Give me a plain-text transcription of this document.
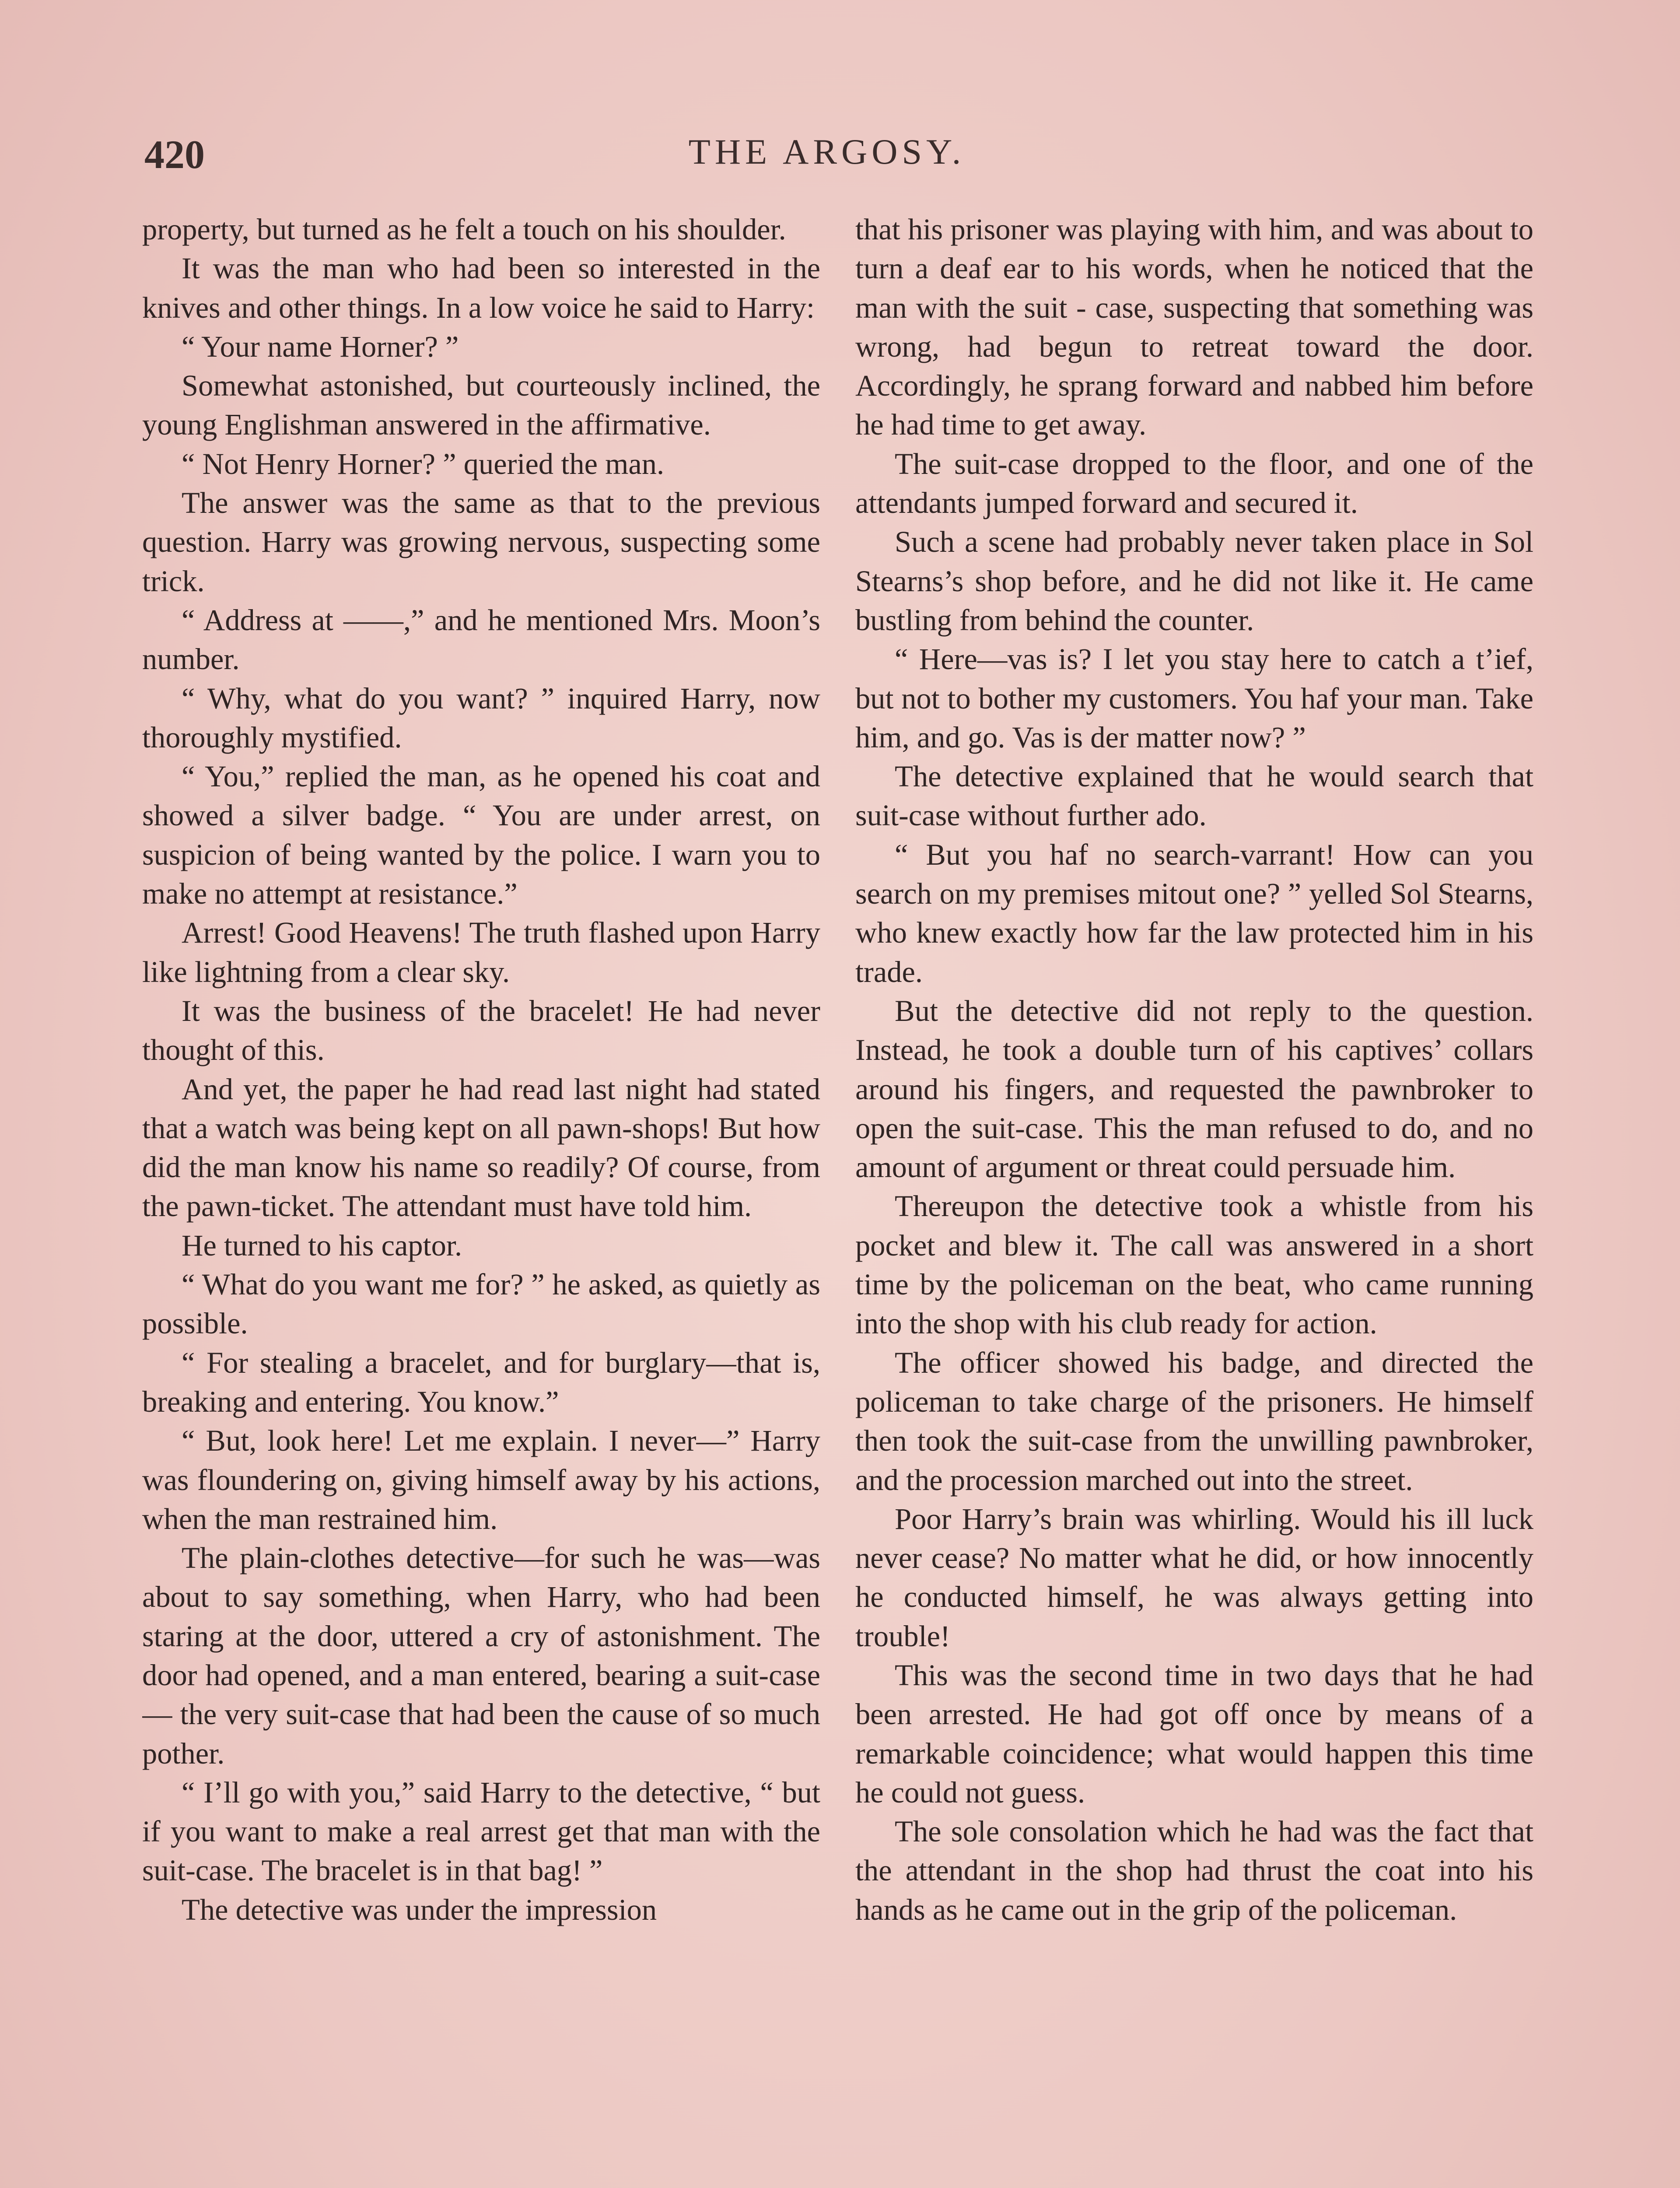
420	THE ARGOSY.

property, but turned as he felt a touch on his shoulder.

It was the man who had been so interested in the knives and other things. In a low voice he said to Harry:

“ Your name Horner? ”

Somewhat astonished, but courteously inclined, the young Englishman answered in the affirmative.

“ Not Henry Horner? ” queried the man.

The answer was the same as that to the previous question. Harry was growing nervous, suspecting some trick.

“ Address at ——,” and he mentioned Mrs. Moon’s number.

“ Why, what do you want? ” inquired Harry, now thoroughly mystified.

“ You,” replied the man, as he opened his coat and showed a silver badge. “ You are under arrest, on suspicion of being wanted by the police. I warn you to make no attempt at resistance.”

Arrest! Good Heavens! The truth flashed upon Harry like lightning from a clear sky.

It was the business of the bracelet! He had never thought of this.

And yet, the paper he had read last night had stated that a watch was being kept on all pawn-shops! But how did the man know his name so readily? Of course, from the pawn-ticket. The attendant must have told him.

He turned to his captor.

“ What do you want me for? ” he asked, as quietly as possible.

“ For stealing a bracelet, and for burglary—that is, breaking and entering. You know.”

“ But, look here! Let me explain. I never—” Harry was floundering on, giving himself away by his actions, when the man restrained him.

The plain-clothes detective—for such he was—was about to say something, when Harry, who had been staring at the door, uttered a cry of astonishment. The door had opened, and a man entered, bearing a suit-case — the very suit-case that had been the cause of so much pother.

“ I’ll go with you,” said Harry to the detective, “ but if you want to make a real arrest get that man with the suit-case. The bracelet is in that bag! ”

The detective was under the impression

that his prisoner was playing with him, and was about to turn a deaf ear to his words, when he noticed that the man with the suit - case, suspecting that something was wrong, had begun to retreat toward the door. Accordingly, he sprang forward and nabbed him before he had time to get away.

The suit-case dropped to the floor, and one of the attendants jumped forward and secured it.

Such a scene had probably never taken place in Sol Stearns’s shop before, and he did not like it. He came bustling from behind the counter.

“ Here—vas is? I let you stay here to catch a t’ief, but not to bother my customers. You haf your man. Take him, and go. Vas is der matter now? ”

The detective explained that he would search that suit-case without further ado.

“ But you haf no search-varrant! How can you search on my premises mitout one? ” yelled Sol Stearns, who knew exactly how far the law protected him in his trade.

But the detective did not reply to the question. Instead, he took a double turn of his captives’ collars around his fingers, and requested the pawnbroker to open the suit-case. This the man refused to do, and no amount of argument or threat could persuade him.

Thereupon the detective took a whistle from his pocket and blew it. The call was answered in a short time by the policeman on the beat, who came running into the shop with his club ready for action.

The officer showed his badge, and directed the policeman to take charge of the prisoners. He himself then took the suit-case from the unwilling pawnbroker, and the procession marched out into the street.

Poor Harry’s brain was whirling. Would his ill luck never cease? No matter what he did, or how innocently he conducted himself, he was always getting into trouble!

This was the second time in two days that he had been arrested. He had got off once by means of a remarkable coincidence; what would happen this time he could not guess.

The sole consolation which he had was the fact that the attendant in the shop had thrust the coat into his hands as he came out in the grip of the policeman.
